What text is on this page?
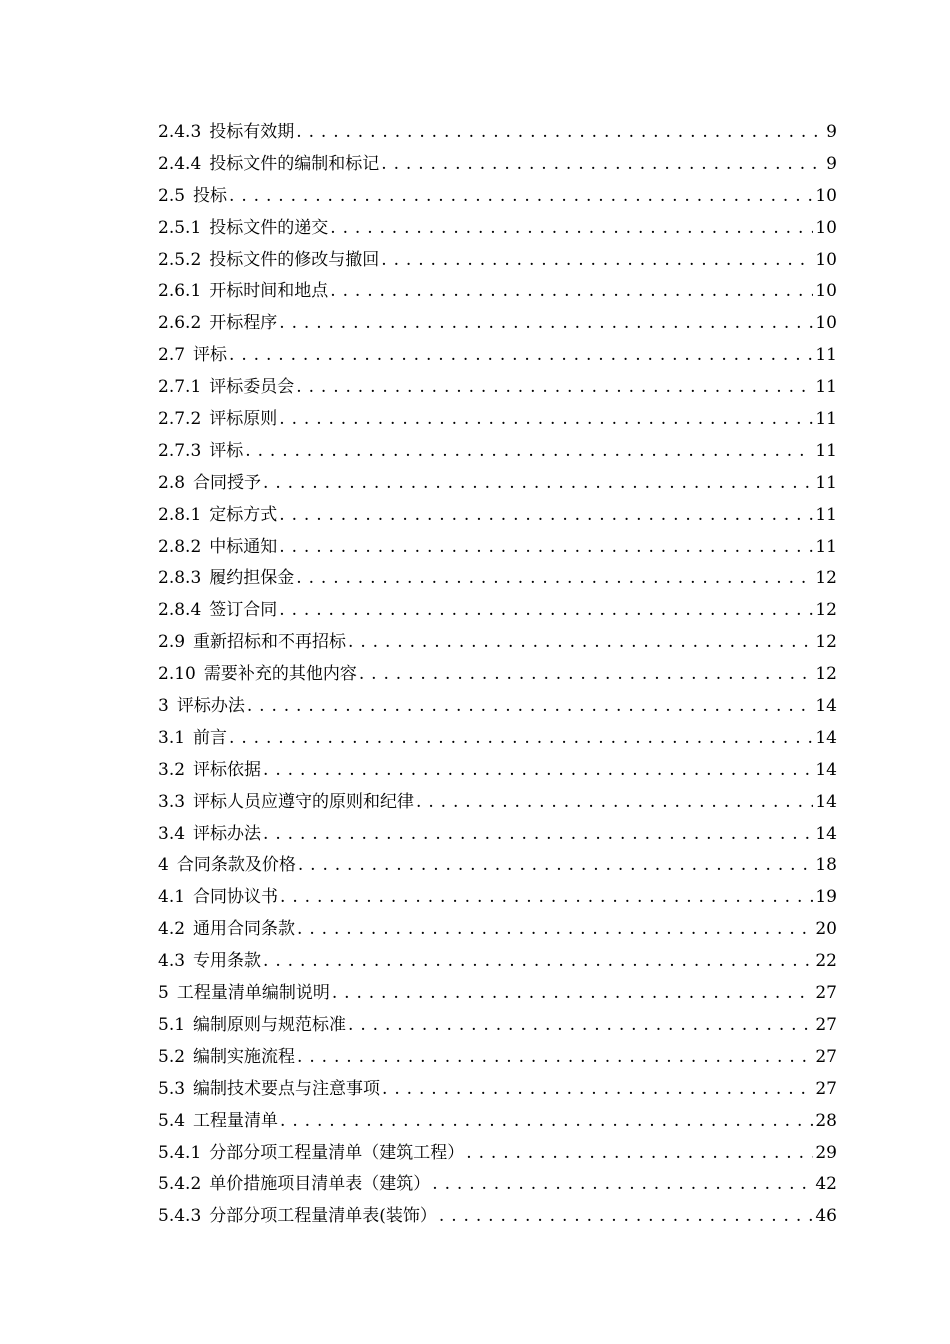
2.4.3 投标有效期 . . .	9
2.4.4 投标文件的编制和标记 . . .	9
2.5 投标 . . .	10
2.5.1 投标文件的递交 . . .	10
2.5.2 投标文件的修改与撤回 . . .	10
2.6.1 开标时间和地点 . . .	10
2.6.2 开标程序 . . .	10
2.7 评标 . . .	11
2.7.1 评标委员会 . . .	11
2.7.2 评标原则 . . .	11
2.7.3 评标 . . .	11
2.8 合同授予 . . .	11
2.8.1 定标方式 . . .	11
2.8.2 中标通知 . . .	11
2.8.3 履约担保金 . . .	12
2.8.4 签订合同 . . .	12
2.9 重新招标和不再招标 . . .	12
2.10 需要补充的其他内容 . . .	12
3 评标办法 . . .	14
3.1 前言 . . .	14
3.2 评标依据 . . .	14
3.3 评标人员应遵守的原则和纪律 . . .	14
3.4 评标办法 . . .	14
4 合同条款及价格 . . .	18
4.1 合同协议书 . . .	19
4.2 通用合同条款 . . .	20
4.3 专用条款 . . .	22
5 工程量清单编制说明 . . .	27
5.1 编制原则与规范标准 . . .	27
5.2 编制实施流程 . . .	27
5.3 编制技术要点与注意事项 . . .	27
5.4 工程量清单 . . .	28
5.4.1 分部分项工程量清单（建筑工程） . . .	29
5.4.2 单价措施项目清单表（建筑） . . .	42
5.4.3 分部分项工程量清单表(装饰） . . .	46
